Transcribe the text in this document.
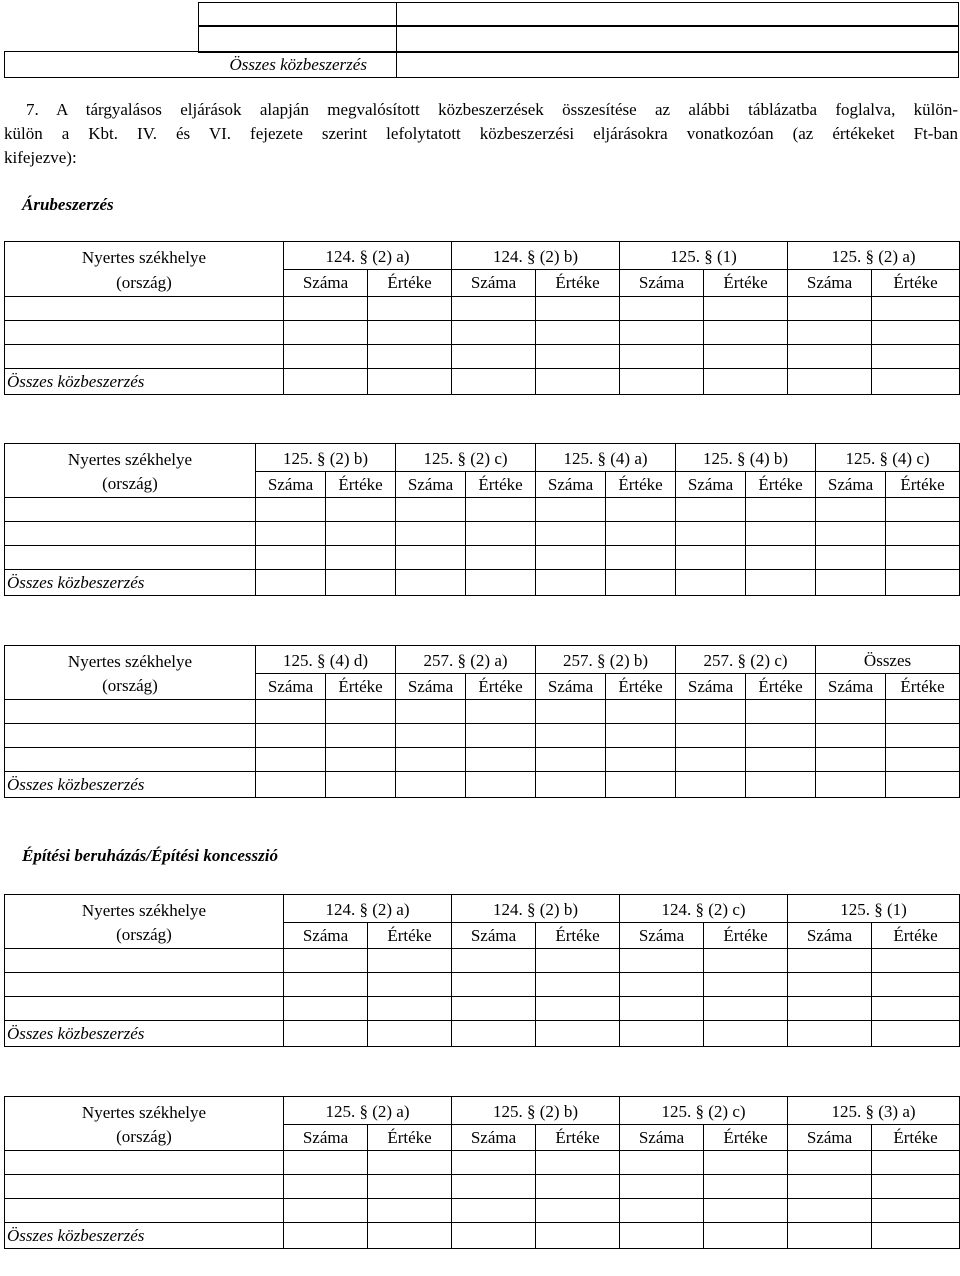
	Összes közbeszerzés	
7. A tárgyalásos eljárások alapján megvalósított közbeszerzések összesítése az alábbi táblázatba foglalva, külön-
külön a Kbt. IV. és VI. fejezete szerint lefolytatott közbeszerzési eljárásokra vonatkozóan (az értékeket Ft-ban
kifejezve):
Árubeszerzés
Nyertes székhelye	124. § (2) a)		124. § (2) b)		125. § (1)		125. § (2) a)	
(ország)	Száma	Értéke	Száma	Értéke	Száma	Értéke	Száma	Értéke

Összes közbeszerzés								
Nyertes székhelye	125. § (2) b)		125. § (2) c)		125. § (4) a)		125. § (4) b)		125. § (4) c)	
(ország)	Száma	Értéke	Száma	Értéke	Száma	Értéke	Száma	Értéke	Száma	Értéke

Összes közbeszerzés										
Nyertes székhelye	125. § (4) d)		257. § (2) a)		257. § (2) b)		257. § (2) c)		Összes	
(ország)	Száma	Értéke	Száma	Értéke	Száma	Értéke	Száma	Értéke	Száma	Értéke

Összes közbeszerzés										
Építési beruházás/Építési koncesszió
Nyertes székhelye	124. § (2) a)		124. § (2) b)		124. § (2) c)		125. § (1)	
(ország)	Száma	Értéke	Száma	Értéke	Száma	Értéke	Száma	Értéke

Összes közbeszerzés								
Nyertes székhelye	125. § (2) a)		125. § (2) b)		125. § (2) c)		125. § (3) a)	
(ország)	Száma	Értéke	Száma	Értéke	Száma	Értéke	Száma	Értéke

Összes közbeszerzés								
